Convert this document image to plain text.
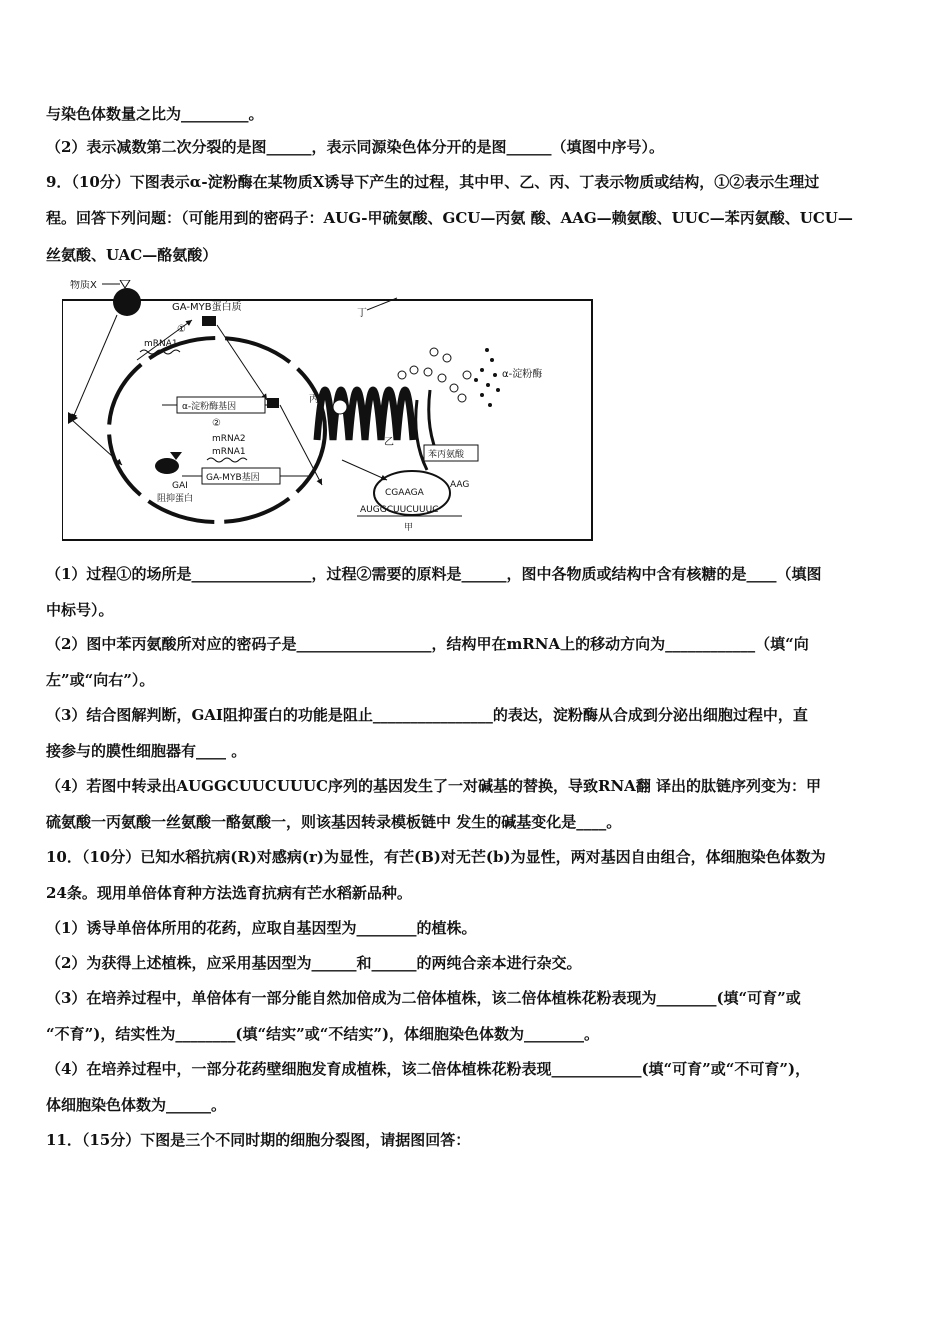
与染色体数量之比为_________。
（2）表示减数第二次分裂的是图______，表示同源染色体分开的是图______（填图中序号）。
9．（10分）下图表示α-淀粉酶在某物质X诱导下产生的过程，其中甲、乙、丙、丁表示物质或结构，①②表示生理过
程。回答下列问题：（可能用到的密码子：AUG-甲硫氨酸、GCU—丙氨 酸、AAG—赖氨酸、UUC—苯丙氨酸、UCU—
丝氨酸、UAC—酪氨酸）
物质X
GA-MYB蛋白质
①
mRNA1
丁
α-淀粉酶基因
②
mRNA2
mRNA1
GA-MYB基因
GAI
阻抑蛋白
丙
乙
α-淀粉酶
苯丙氨酸
AAG
CGAAGA
AUGGCUUCUUUC
甲
（1）过程①的场所是________________，过程②需要的原料是______，图中各物质或结构中含有核糖的是____（填图
中标号）。
（2）图中苯丙氨酸所对应的密码子是__________________，结构甲在mRNA上的移动方向为____________（填“向
左”或“向右”）。
（3）结合图解判断，GAI阻抑蛋白的功能是阻止________________的表达，淀粉酶从合成到分泌出细胞过程中，直
接参与的膜性细胞器有____ 。
（4）若图中转录出AUGGCUUCUUUC序列的基因发生了一对碱基的替换，导致RNA翻 译出的肽链序列变为：甲
硫氨酸一丙氨酸一丝氨酸一酪氨酸一，则该基因转录模板链中 发生的碱基变化是____。
10．（10分）已知水稻抗病(R)对感病(r)为显性，有芒(B)对无芒(b)为显性，两对基因自由组合，体细胞染色体数为
24条。现用单倍体育种方法选育抗病有芒水稻新品种。
（1）诱导单倍体所用的花药，应取自基因型为________的植株。
（2）为获得上述植株，应采用基因型为______和______的两纯合亲本进行杂交。
（3）在培养过程中，单倍体有一部分能自然加倍成为二倍体植株，该二倍体植株花粉表现为________(填“可育”或
“不育”)，结实性为________(填“结实”或“不结实”)，体细胞染色体数为________。
（4）在培养过程中，一部分花药壁细胞发育成植株，该二倍体植株花粉表现____________(填“可育”或“不可育”)，
体细胞染色体数为______。
11．（15分）下图是三个不同时期的细胞分裂图，请据图回答：
